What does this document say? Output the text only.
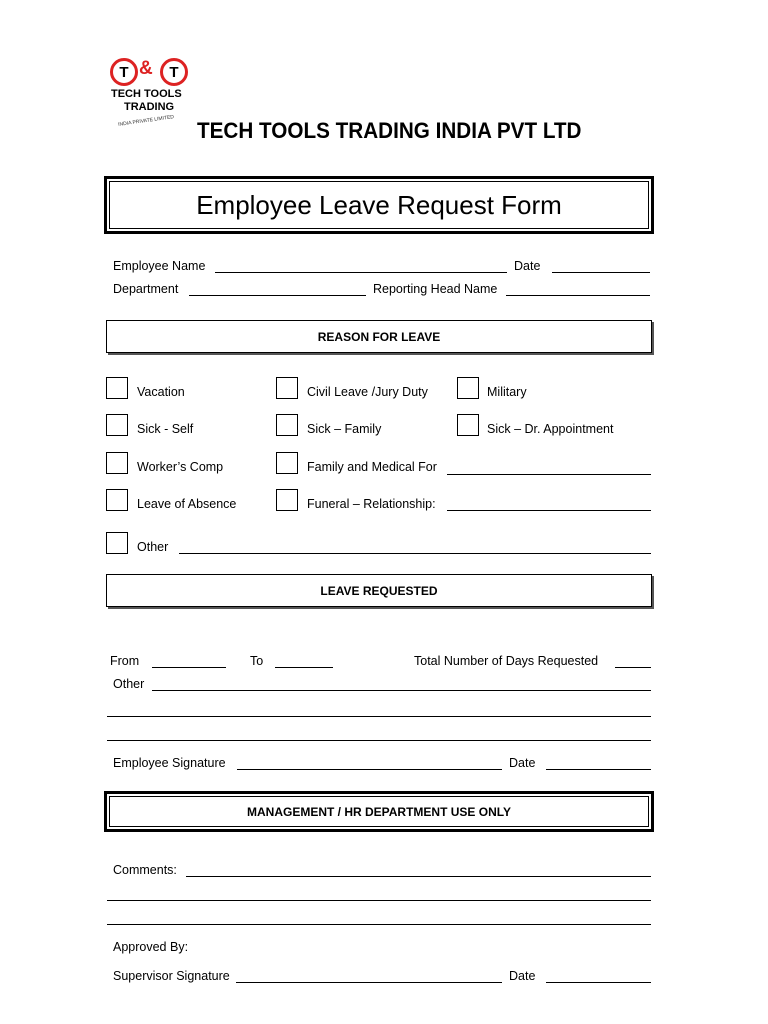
T & T
TECH TOOLS
TRADING
INDIA PRIVATE LIMITED TECH TOOLS TRADING INDIA PVT LTD
Employee Leave Request Form
Employee Name	Date
Department	Reporting Head Name
REASON FOR LEAVE
Vacation	Civil Leave /Jury Duty	Military
Sick - Self	Sick – Family	Sick – Dr. Appointment
Worker’s Comp	Family and Medical For
Leave of Absence	Funeral – Relationship:
Other
LEAVE REQUESTED
From	To	Total Number of Days Requested
Other
Employee Signature	Date
MANAGEMENT / HR DEPARTMENT USE ONLY
Comments:
Approved By:
Supervisor Signature	Date
